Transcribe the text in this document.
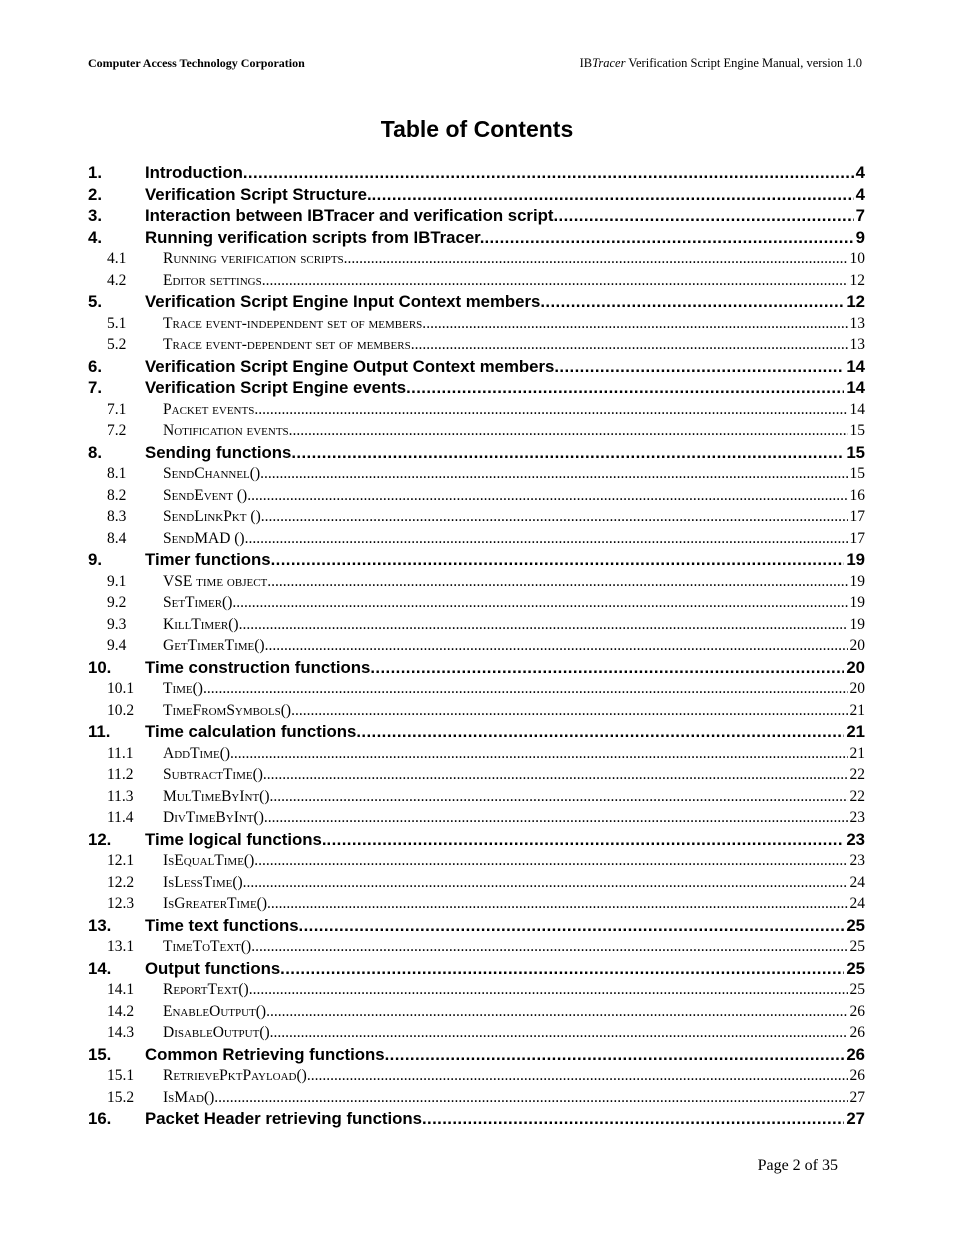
Computer Access Technology Corporation	IBTracer Verification Script Engine Manual, version 1.0
Table of Contents
1.	Introduction .....	4
2.	Verification Script Structure. .....	4
3.	Interaction between IBTracer and verification script .....	7
4.	Running verification scripts from IBTracer. .....	9
4.1	Running verification scripts. .....	10
4.2	Editor settings. .....	12
5.	Verification Script Engine Input Context members .....	12
5.1	Trace event-independent set of members. .....	13
5.2	Trace event-dependent set of members. .....	13
6.	Verification Script Engine Output Context members .....	14
7.	Verification Script Engine events .....	14
7.1	Packet events. .....	14
7.2	Notification events. .....	15
8.	Sending functions .....	15
8.1	SendChannel() .....	15
8.2	SendEvent () .....	16
8.3	SendLinkPkt () .....	17
8.4	SendMAD () .....	17
9.	Timer functions .....	19
9.1	VSE time object .....	19
9.2	SetTimer() .....	19
9.3	KillTimer() .....	19
9.4	GetTimerTime() .....	20
10.	Time construction functions .....	20
10.1	Time() .....	20
10.2	TimeFromSymbols() .....	21
11.	Time calculation functions .....	21
11.1	AddTime() .....	21
11.2	SubtractTime() .....	22
11.3	MulTimeByInt() .....	22
11.4	DivTimeByInt() .....	23
12.	Time logical functions. .....	23
12.1	IsEqualTime() .....	23
12.2	IsLessTime() .....	24
12.3	IsGreaterTime() .....	24
13.	Time text functions .....	25
13.1	TimeToText() .....	25
14.	Output functions .....	25
14.1	ReportText() .....	25
14.2	EnableOutput() .....	26
14.3	DisableOutput() .....	26
15.	Common Retrieving functions .....	26
15.1	RetrievePktPayload() .....	26
15.2	IsMad() .....	27
16.	Packet Header retrieving functions .....	27
Page 2 of 35
